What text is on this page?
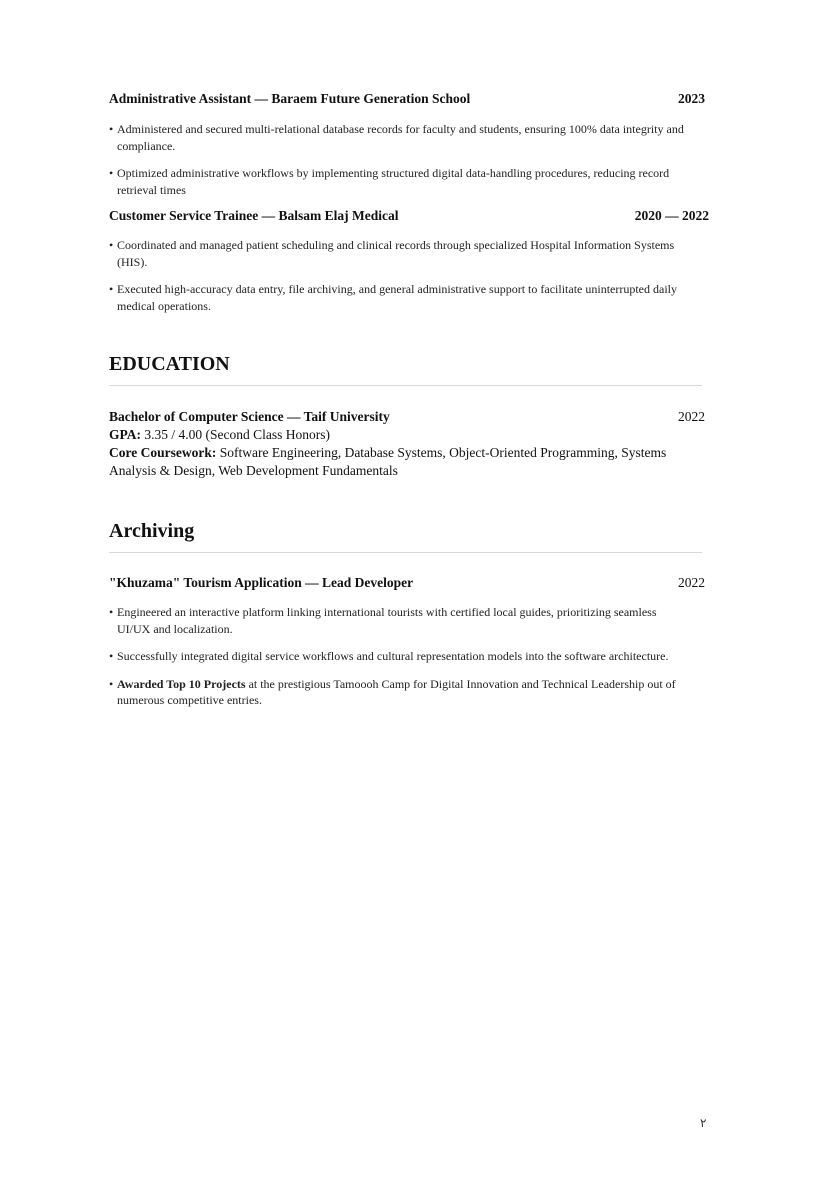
Administrative Assistant — Baraem Future Generation School	2023
• Administered and secured multi-relational database records for faculty and students, ensuring 100% data integrity and compliance.
• Optimized administrative workflows by implementing structured digital data-handling procedures, reducing record retrieval times
Customer Service Trainee — Balsam Elaj Medical	2020 — 2022
• Coordinated and managed patient scheduling and clinical records through specialized Hospital Information Systems (HIS).
• Executed high-accuracy data entry, file archiving, and general administrative support to facilitate uninterrupted daily medical operations.
EDUCATION
Bachelor of Computer Science — Taif University	2022
GPA: 3.35 / 4.00 (Second Class Honors)
Core Coursework: Software Engineering, Database Systems, Object-Oriented Programming, Systems Analysis & Design, Web Development Fundamentals
Archiving
"Khuzama" Tourism Application — Lead Developer	2022
• Engineered an interactive platform linking international tourists with certified local guides, prioritizing seamless UI/UX and localization.
• Successfully integrated digital service workflows and cultural representation models into the software architecture.
• Awarded Top 10 Projects at the prestigious Tamoooh Camp for Digital Innovation and Technical Leadership out of numerous competitive entries.
٢
